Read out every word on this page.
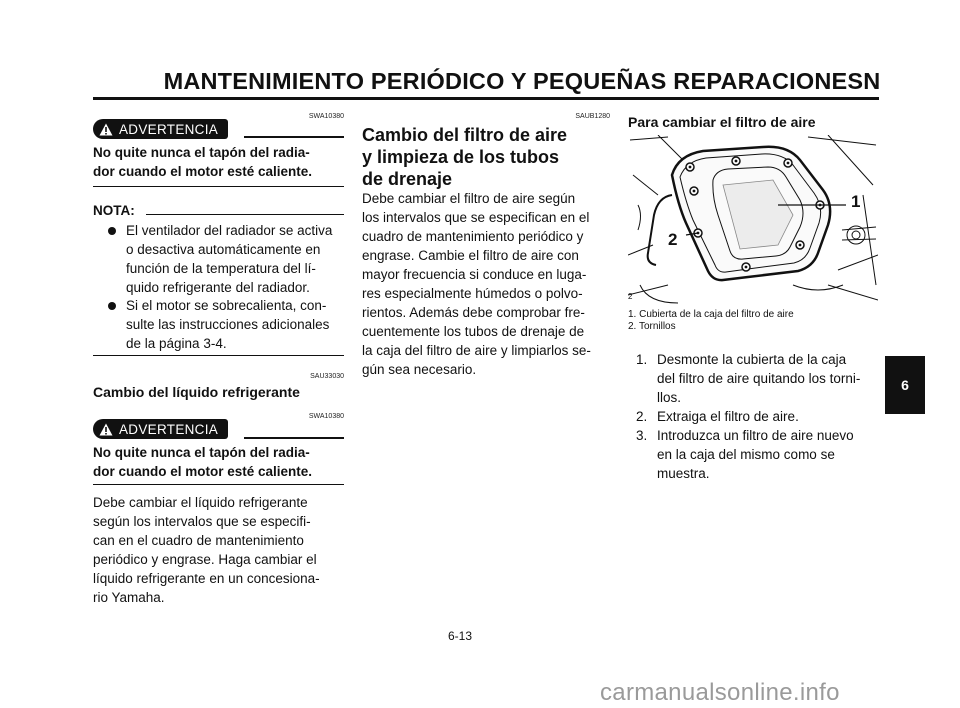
MANTENIMIENTO PERIÓDICO Y PEQUEÑAS REPARACIONESN
SWA10380
ADVERTENCIA
No quite nunca el tapón del radia-
dor cuando el motor esté caliente.
NOTA:
El ventilador del radiador se activa
o desactiva automáticamente en
función de la temperatura del lí-
quido refrigerante del radiador.
Si el motor se sobrecalienta, con-
sulte las instrucciones adicionales
de la página 3-4.
SAU33030
Cambio del líquido refrigerante
SWA10380
ADVERTENCIA
No quite nunca el tapón del radia-
dor cuando el motor esté caliente.
Debe cambiar el líquido refrigerante
según los intervalos que se especifi-
can en el cuadro de mantenimiento
periódico y engrase. Haga cambiar el
líquido refrigerante en un concesiona-
rio Yamaha.
SAUB1280
Cambio del filtro de aire
y limpieza de los tubos
de drenaje
Debe cambiar el filtro de aire según
los intervalos que se especifican en el
cuadro de mantenimiento periódico y
engrase. Cambie el filtro de aire con
mayor frecuencia si conduce en luga-
res especialmente húmedos o polvo-
rientos. Además debe comprobar fre-
cuentemente los tubos de drenaje de
la caja del filtro de aire y limpiarlos se-
gún sea necesario.
Para cambiar el filtro de aire
1
2
2
1. Cubierta de la caja del filtro de aire
2. Tornillos
1. Desmonte la cubierta de la caja
del filtro de aire quitando los torni-
llos.
2. Extraiga el filtro de aire.
3. Introduzca un filtro de aire nuevo
en la caja del mismo como se
muestra.
6
6-13
carmanualsonline.info
